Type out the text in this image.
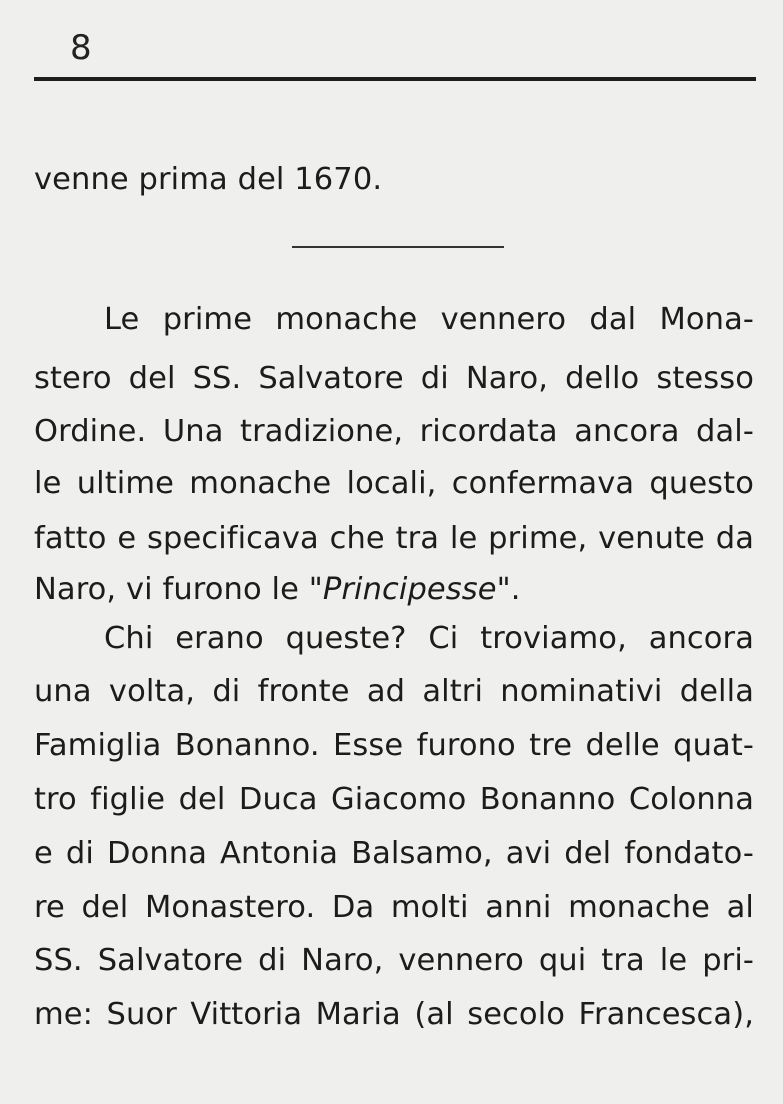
8
venne prima del 1670.
Le prime monache vennero dal Mona-
stero del SS. Salvatore di Naro, dello stesso
Ordine. Una tradizione, ricordata ancora dal-
le ultime monache locali, confermava questo
fatto e specificava che tra le prime, venute da
Naro, vi furono le "Principesse".
Chi erano queste? Ci troviamo, ancora
una volta, di fronte ad altri nominativi della
Famiglia Bonanno. Esse furono tre delle quat-
tro figlie del Duca Giacomo Bonanno Colonna
e di Donna Antonia Balsamo, avi del fondato-
re del Monastero. Da molti anni monache al
SS. Salvatore di Naro, vennero qui tra le pri-
me: Suor Vittoria Maria (al secolo Francesca),
